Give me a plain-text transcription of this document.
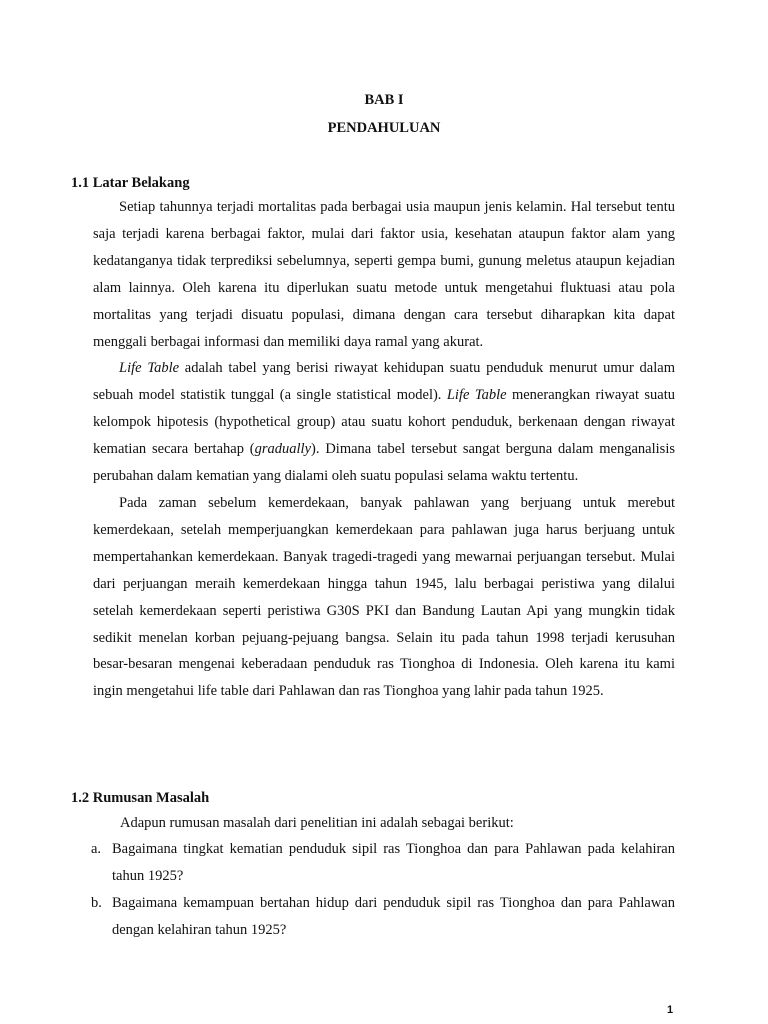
BAB I
PENDAHULUAN
1.1 Latar Belakang

Setiap tahunnya terjadi mortalitas pada berbagai usia maupun jenis kelamin. Hal tersebut tentu saja terjadi karena berbagai faktor, mulai dari faktor usia, kesehatan ataupun faktor alam yang kedatanganya tidak terprediksi sebelumnya, seperti gempa bumi, gunung meletus ataupun kejadian alam lainnya. Oleh karena itu diperlukan suatu metode untuk mengetahui fluktuasi atau pola mortalitas yang terjadi disuatu populasi, dimana dengan cara tersebut diharapkan kita dapat menggali berbagai informasi dan memiliki daya ramal yang akurat.

Life Table adalah tabel yang berisi riwayat kehidupan suatu penduduk menurut umur dalam sebuah model statistik tunggal (a single statistical model). Life Table menerangkan riwayat suatu kelompok hipotesis (hypothetical group) atau suatu kohort penduduk, berkenaan dengan riwayat kematian secara bertahap (gradually). Dimana tabel tersebut sangat berguna dalam menganalisis perubahan dalam kematian yang dialami oleh suatu populasi selama waktu tertentu.

Pada zaman sebelum kemerdekaan, banyak pahlawan yang berjuang untuk merebut kemerdekaan, setelah memperjuangkan kemerdekaan para pahlawan juga harus berjuang untuk mempertahankan kemerdekaan. Banyak tragedi-tragedi yang mewarnai perjuangan tersebut. Mulai dari perjuangan meraih kemerdekaan hingga tahun 1945, lalu berbagai peristiwa yang dilalui setelah kemerdekaan seperti peristiwa G30S PKI dan Bandung Lautan Api yang mungkin tidak sedikit menelan korban pejuang-pejuang bangsa. Selain itu pada tahun 1998 terjadi kerusuhan besar-besaran mengenai keberadaan penduduk ras Tionghoa di Indonesia. Oleh karena itu kami ingin mengetahui life table dari Pahlawan dan ras Tionghoa yang lahir pada tahun 1925.

1.2 Rumusan Masalah

Adapun rumusan masalah dari penelitian ini adalah sebagai berikut:

a. Bagaimana tingkat kematian penduduk sipil ras Tionghoa dan para Pahlawan pada kelahiran tahun 1925?
b. Bagaimana kemampuan bertahan hidup dari penduduk sipil ras Tionghoa dan para Pahlawan dengan kelahiran tahun 1925?
1
